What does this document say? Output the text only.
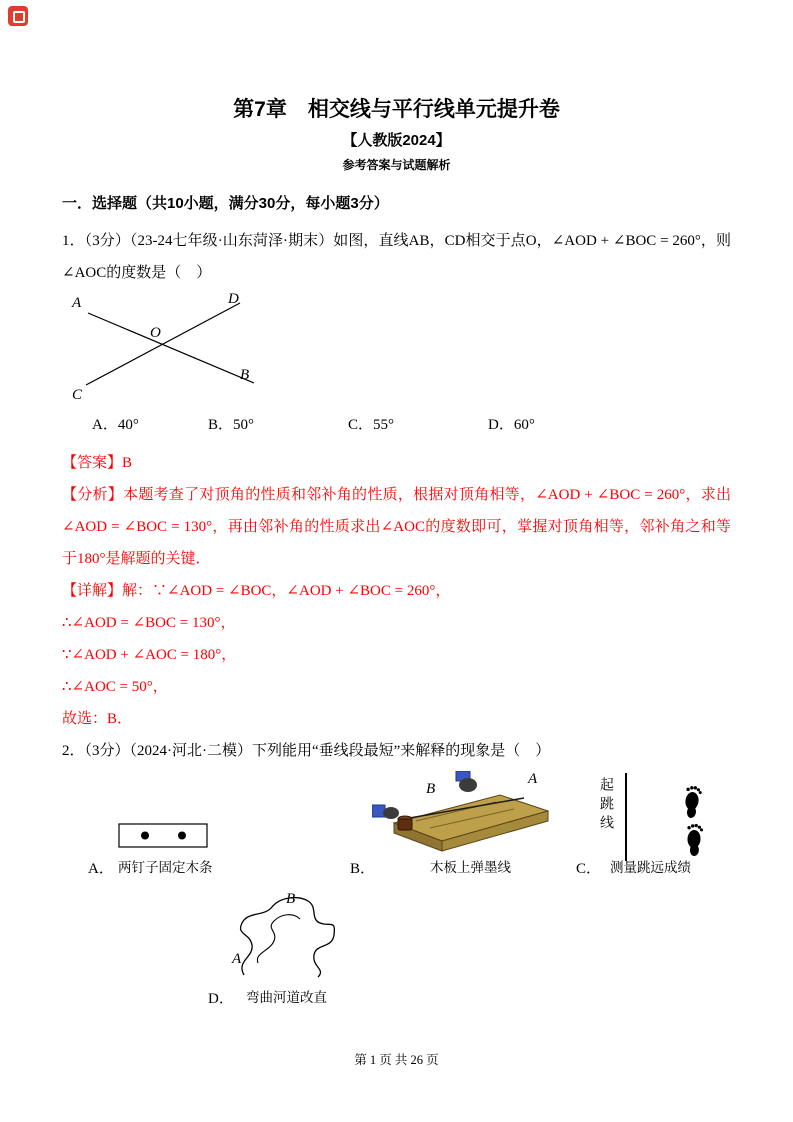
第7章　相交线与平行线单元提升卷
【人教版2024】
参考答案与试题解析
一．选择题（共10小题，满分30分，每小题3分）

1．（3分）（23-24七年级·山东菏泽·期末）如图，直线AB，CD相交于点O，∠AOD + ∠BOC = 260°，则∠AOC的度数是（　）

A	D
O
C
B
A．40°	B．50°	C．55°	D．60°

【答案】B

【分析】本题考查了对顶角的性质和邻补角的性质，根据对顶角相等，∠AOD + ∠BOC = 260°，求出∠AOD = ∠BOC = 130°，再由邻补角的性质求出∠AOC的度数即可，掌握对顶角相等，邻补角之和等于180°是解题的关键．

【详解】解：∵∠AOD = ∠BOC，∠AOD + ∠BOC = 260°，

∴∠AOD = ∠BOC = 130°，

∵∠AOD + ∠AOC = 180°，

∴∠AOC = 50°，

故选：B．

2．（3分）（2024·河北·二模）下列能用“垂线段最短”来解释的现象是（　）

A． 两钉子固定木条	B．
B
A
木板上弹墨线	C．
起跳线
测量跳远成绩
D．
B
A
弯曲河道改直
第 1 页 共 26 页
